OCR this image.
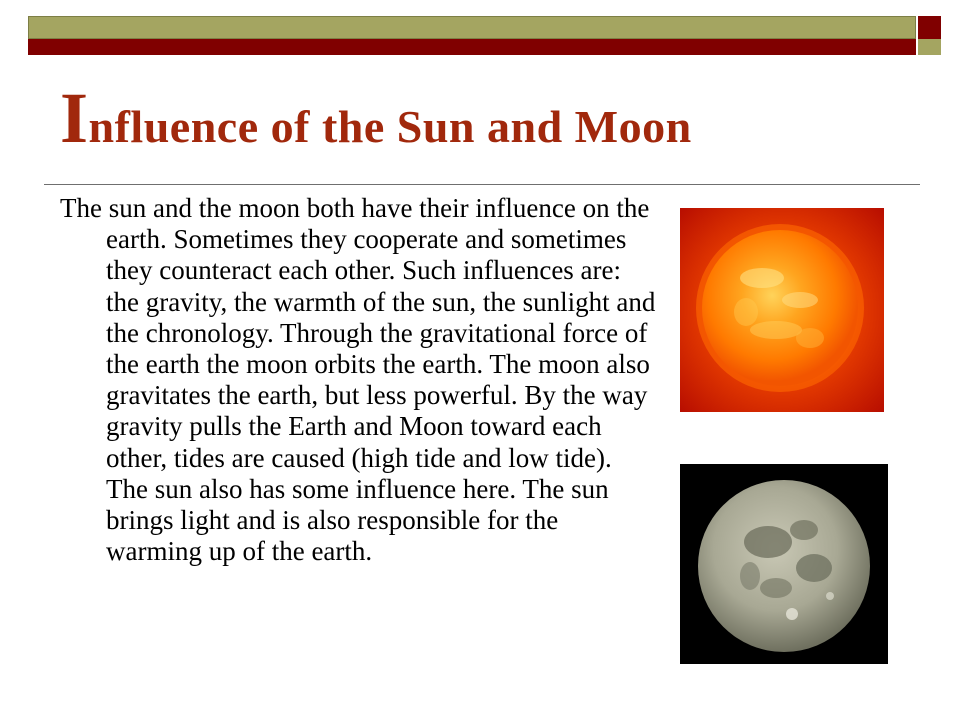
Influence of the Sun and Moon

The sun and the moon both have their influence on the earth. Sometimes they cooperate and sometimes they counteract each other. Such influences are: the gravity, the warmth of the sun, the sunlight and the chronology. Through the gravitational force of the earth the moon orbits the earth. The moon also gravitates the earth, but less powerful. By the way gravity pulls the Earth and Moon toward each other, tides are caused (high tide and low tide). The sun also has some influence here. The sun brings light and is also responsible for the warming up of the earth.
